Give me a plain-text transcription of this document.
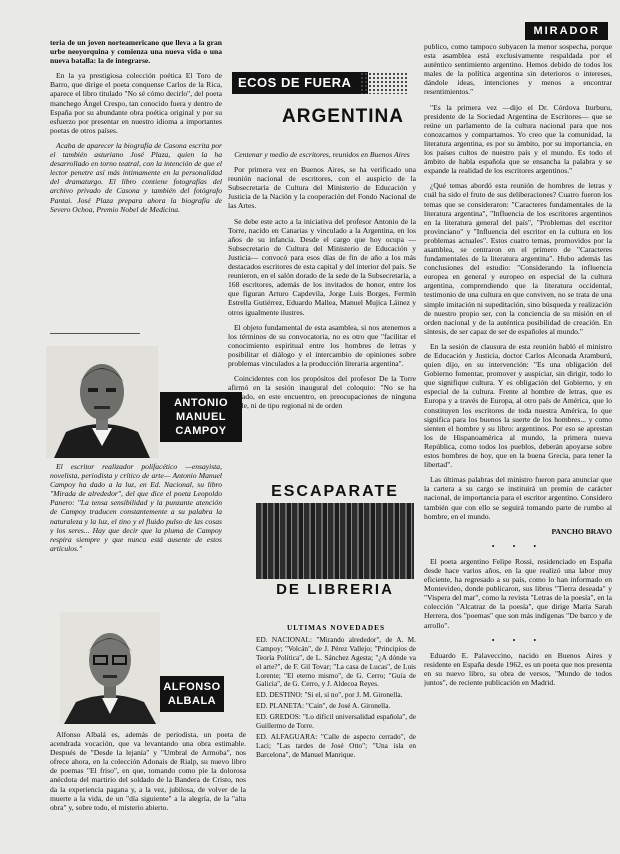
MIRADOR

teria de un joven norteamericano que lleva a la gran urbe neoyorquina y comienza una nueva vida o una nueva batalla: la de integrarse.

En la ya prestigiosa colección poética El Toro de Barro, que dirige el poeta conquense Carlos de la Rica, aparece el libro titulado "No sé cómo decirlo", del poeta manchego Ángel Crespo, tan conocido fuera y dentro de España por su abundante obra poética original y por su esfuerzo por presentar en nuestro idioma a importantes poetas de otros países.

Acaba de aparecer la biografía de Casona escrita por el también asturiano José Plaza, quien la ha desarrollado en torno teatral, con la intención de que el lector penetre así más íntimamente en la personalidad del dramaturgo. El libro contiene fotografías del archivo privado de Casona y también del fotógrafo Pantai. José Plaza prepara ahora la biografía de Severo Ochoa, Premio Nobel de Medicina.

ANTONIO MANUEL CAMPOY

El escritor realizador polifacético —ensayista, novelista, periodista y crítico de arte— Antonio Manuel Campoy ha dado a la luz, en Ed. Nacional, su libro "Mirada de alrededor", del que dice el poeta Leopoldo Panero: "La tensa sensibilidad y la punzante atención de Campoy traducen constantemente a su palabra la naturaleza y la luz, el tino y el fluido pulso de las cosas y los seres... Hay que decir que la pluma de Campoy respira siempre y que nunca está ausente de estos artículos."

ALFONSO ALBALA

Alfonso Albalá es, además de periodista, un poeta de acendrada vocación, que va levantando una obra estimable. Después de "Desde la lejanía" y "Umbral de Armoba", nos ofrece ahora, en la colección Adonais de Rialp, su nuevo libro de poemas "El friso", en que, tomando como pie la dolorosa anécdota del martirio del soldado de la Bandera de Cristo, nos da la experiencia pagana y, a la vez, jubilosa, de volver de la muerte a la vida, de un "día siguiente" a la alegría, de la "alta obra" y, sobre todo, el misterio abierto.

ECOS DE FUERA
ARGENTINA

Centenar y medio de escritores, reunidos en Buenos Aires

Por primera vez en Buenos Aires, se ha verificado una reunión nacional de escritores, con el auspicio de la Subsecretaría de Cultura del Ministerio de Educación y Justicia de la Nación y la cooperación del Fondo Nacional de las Artes.

Se debe este acto a la iniciativa del profesor Antonio de la Torre, nacido en Canarias y vinculado a la Argentina, en los años de su infancia. Desde el cargo que hoy ocupa —Subsecretario de Cultura del Ministerio de Educación y Justicia— convocó para esos días de fin de año a los más destacados escritores de esta capital y del interior del país. Se reunieron, en el salón dorado de la sede de la Subsecretaría, a 168 escritores, además de los invitados de honor, entre los que figuran Arturo Capdevila, Jorge Luis Borges, Fermín Estrella Gutiérrez, Eduardo Mallea, Manuel Mujica Láinez y otros igualmente ilustres.

El objeto fundamental de esta asamblea, si nos atenemos a los términos de su convocatoria, no es otro que "facilitar el conocimiento espiritual entre los hombres de letras y posibilitar el diálogo y el intercambio de opiniones sobre problemas vinculados a la producción literaria argentina".

Coincidentes con los propósitos del profesor De la Torre afirmó en la sesión inaugural del coloquio: "No se ha pensado, en este encuentro, en preocupaciones de ninguna índole, ni de tipo regional ni de orden

ESCAPARATE
DE LIBRERIA
ULTIMAS NOVEDADES

ED. NACIONAL: "Mirando alrededor", de A. M. Campoy; "Volcán", de J. Pérez Vallejo; "Principios de Teoría Política", de L. Sánchez Agesta; "¿A dónde va el arte?", de F. Gil Tovar; "La casa de Lucas", de Luis Lorente; "El eterno mismo", de G. Cerro; "Guía de Galicia", de G. Cerro, y J. Aldecoa Reyes.

ED. DESTINO: "Si el, sí no", por J. M. Gironella.

ED. PLANETA: "Cain", de José A. Gironella.

ED. GREDOS: "Lo difícil universalidad española", de Guillermo de Torre.

ED. ALFAGUARA: "Calle de aspecto cerrado", de Laci; "Las tardes de José Otto"; "Una isla en Barcelona", de Manuel Manrique.

publico, como tampoco subyacen la menor sospecha, porque esta asamblea está exclusivamente respaldada por el auténtico sentimiento argentino. Hemos debido de todos los males de la política argentina sin deterioros o intereses, dándole ideas, intenciones y menos a encontrar resentimientos."

"Es la primera vez —dijo el Dr. Córdova Iturburu, presidente de la Sociedad Argentina de Escritores— que se reúne un parlamento de la cultura nacional para que nos conozcamos y compartamos. Yo creo que la comunidad, la literatura argentina, es por su ámbito, por su importancia, en los países cultos de nuestro país y el mundo. Es todo el ámbito de habla española que se ensancha la palabra y se expande la realidad de los escritores argentinos."

¿Qué temas abordó esta reunión de hombres de letras y cuál ha sido el fruto de sus deliberaciones? Cuatro fueron los temas que se consideraron: "Caracteres fundamentales de la literatura argentina", "Influencia de los escritores argentinos en la literatura general del país", "Problemas del escritor provinciano" y "Influencia del escritor en la cultura en los problemas actuales". Estos cuatro temas, promovidos por la asamblea, se centraron en el primero de "Caracteres fundamentales de la literatura argentina". Hubo además las conclusiones del estudio: "Considerando la influencia europea en general y europeo en especial de la cultura argentina, comprendiendo que la literatura occidental, testimonio de una cultura en que conviven, no se trata de una simple imitación ni supeditación, sino búsqueda y realización de nuestro propio ser, con la conciencia de su misión en el orden nacional y de la auténtica posibilidad de creación. En síntesis, de ser capaz de ser de españoles al mundo."

En la sesión de clausura de esta reunión habló el ministro de Educación y Justicia, doctor Carlos Alconada Aramburú, quien dijo, en su intervención: "Es una obligación del Gobierno fomentar, promover y auspiciar, sin dirigir, todo lo que signifique cultura. Y es obligación del Gobierno, y en especial de la cultura. Frente al hombre de letras, que es Europa y a través de Europa, al otro país de América, que lo constituyen los escritores de toda nuestra América, lo que significa para los buenos la suerte de los hombres... y como sienten el hombre y su libro: argentinos. Por eso se aprestan los de Hispanoamérica al mundo, la primera nueva República, como todos los pueblos, deberán apoyarse sobre estos hombres de hoy, que en la buena Grecia, para tener la libertad".

Las últimas palabras del ministro fueron para anunciar que la cartera a su cargo se instituirá un premio de carácter nacional, de importancia para el escritor argentino. Considero también que con ello se seguirá tomando parte de rumbo al hombre, en el mundo.

PANCHO BRAVO

• • •

El poeta argentino Felipe Rossi, residenciado en España desde hace varios años, en la que realizó una labor muy eficiente, ha regresado a su país, como lo han informado en Montevideo, donde publicaron, sus libros "Tierra deseada" y "Vispera del mar", como la revista "Letras de la poesía", en la colección "Alcatraz de la poesía", que dirige María Sarah Herrera, dos "poemas" que son más indígenas "De barco y de arrollo".

• • •

Eduardo E. Palaveccino, nacido en Buenos Aires y residente en España desde 1962, es un poeta que nos presenta en su nuevo libro, su obra de versos, "Mundo de todos juntos", de reciente publicación en Madrid.
